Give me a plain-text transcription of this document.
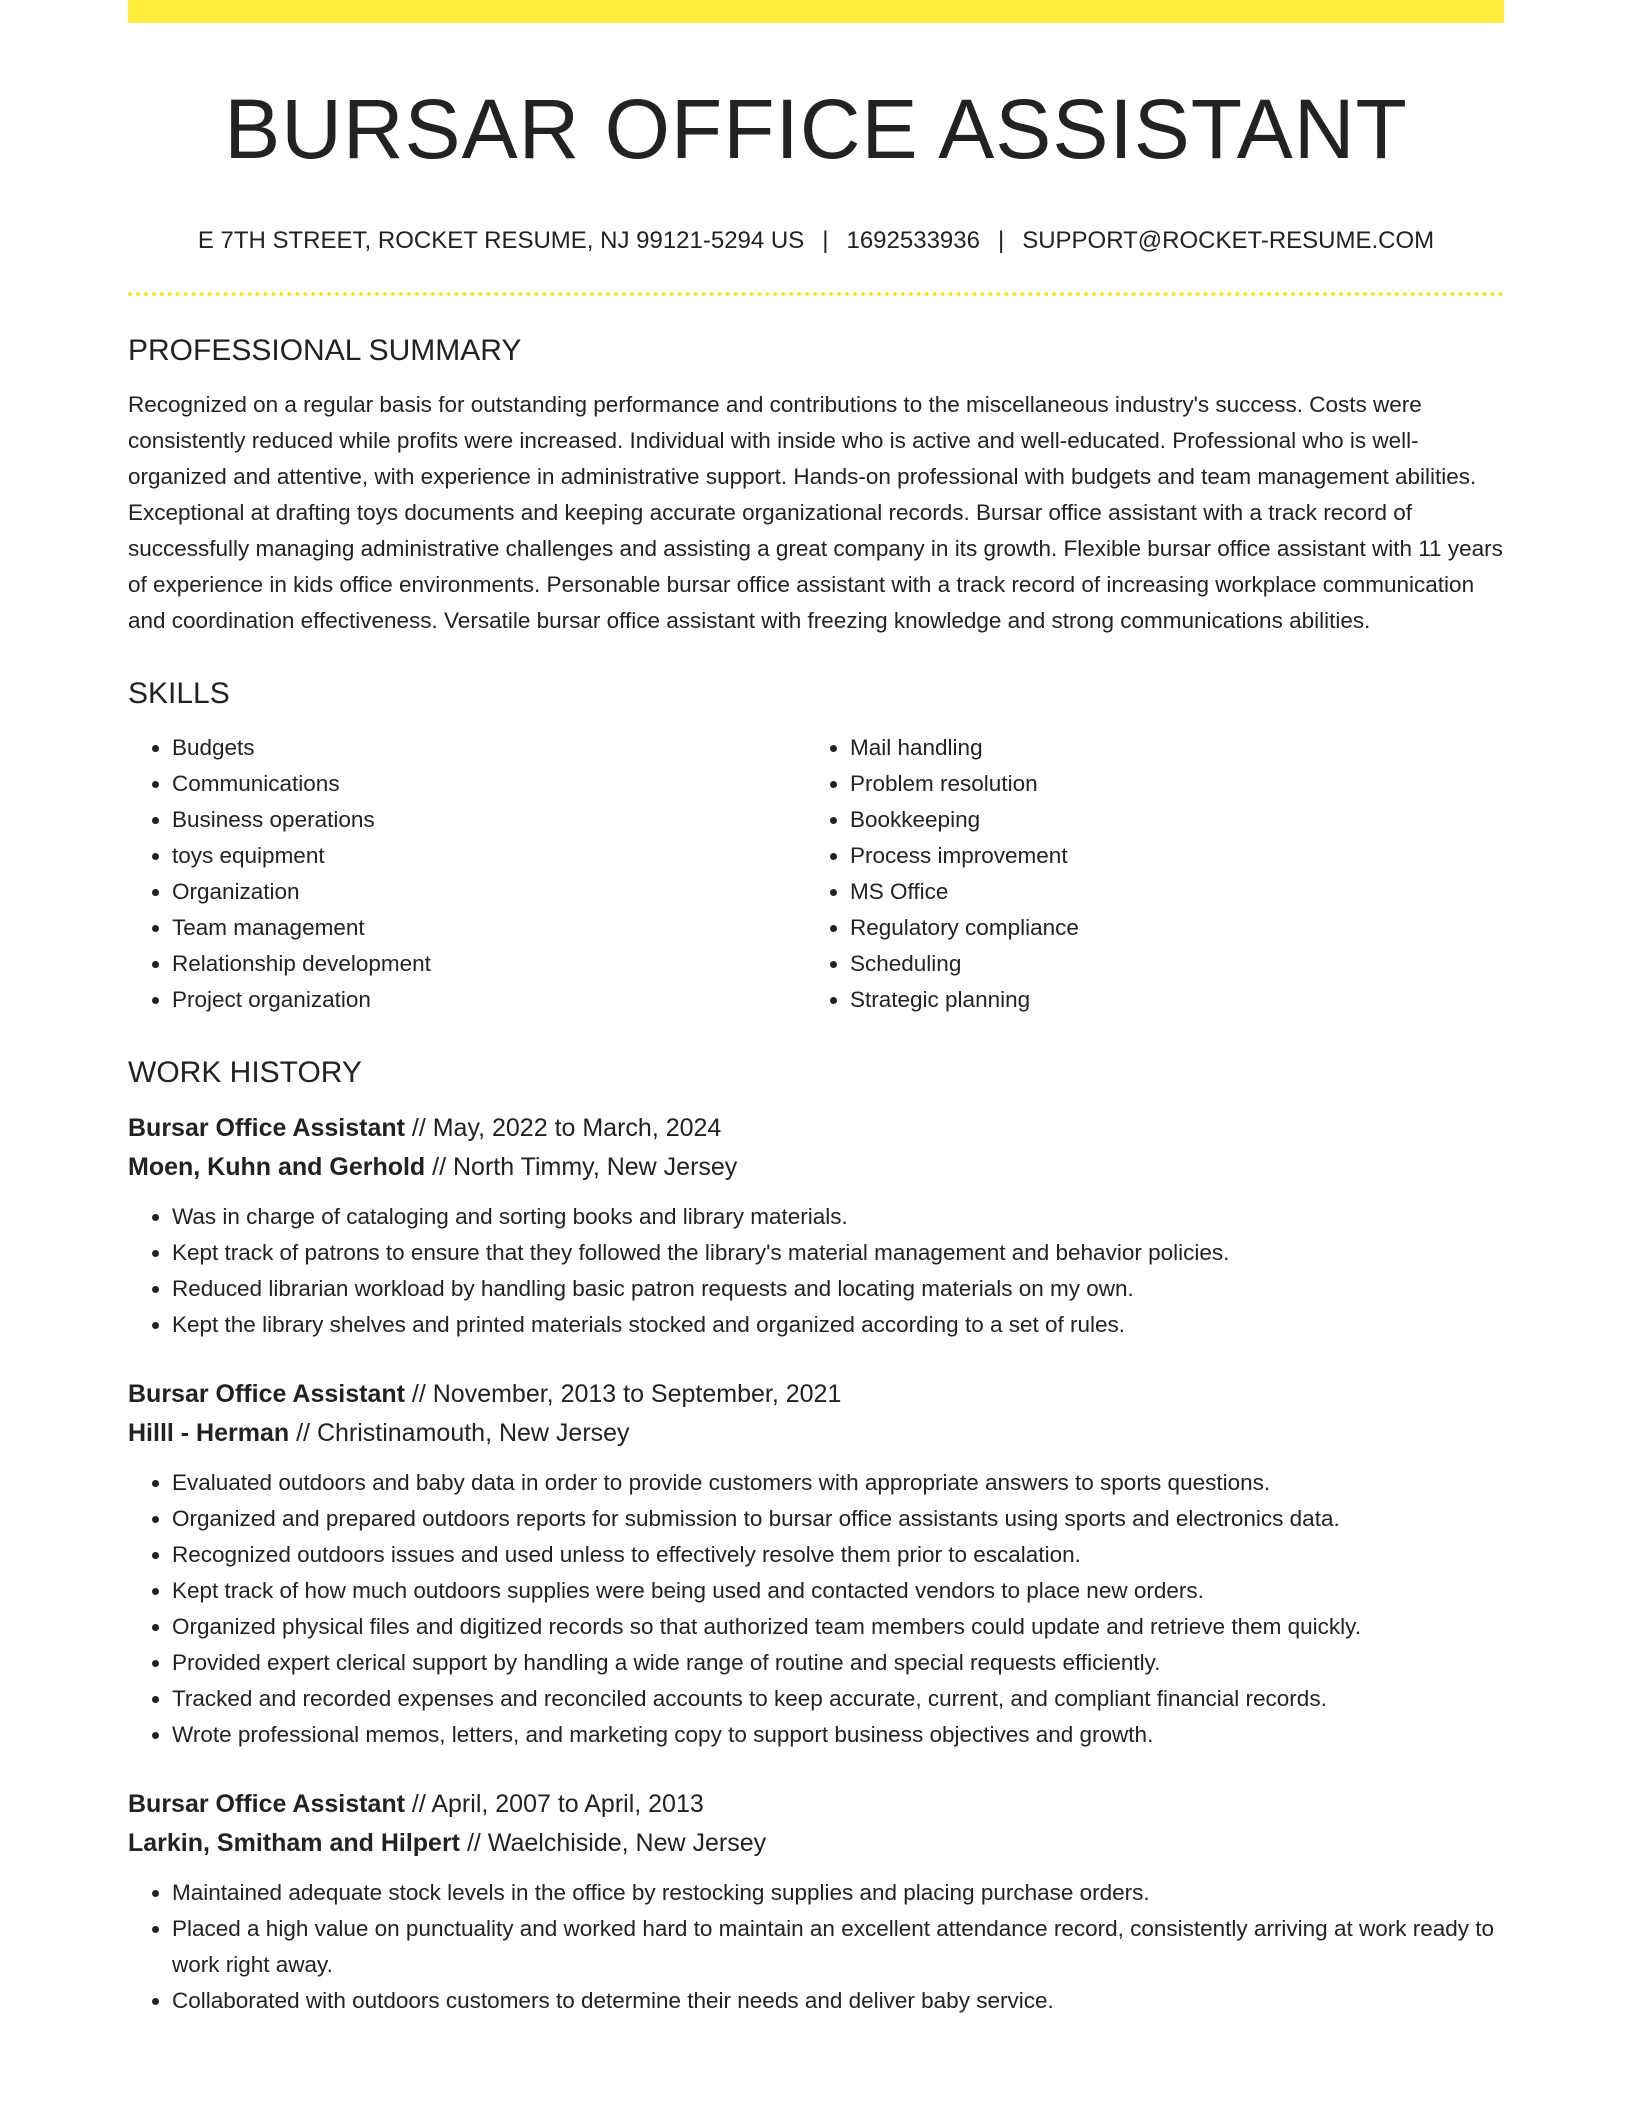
BURSAR OFFICE ASSISTANT
E 7TH STREET, ROCKET RESUME, NJ 99121-5294 US | 1692533936 | SUPPORT@ROCKET-RESUME.COM
PROFESSIONAL SUMMARY

Recognized on a regular basis for outstanding performance and contributions to the miscellaneous industry's success. Costs were consistently reduced while profits were increased. Individual with inside who is active and well-educated. Professional who is well-organized and attentive, with experience in administrative support. Hands-on professional with budgets and team management abilities. Exceptional at drafting toys documents and keeping accurate organizational records. Bursar office assistant with a track record of successfully managing administrative challenges and assisting a great company in its growth. Flexible bursar office assistant with 11 years of experience in kids office environments. Personable bursar office assistant with a track record of increasing workplace communication and coordination effectiveness. Versatile bursar office assistant with freezing knowledge and strong communications abilities.

SKILLS
• Budgets
• Communications
• Business operations
• toys equipment
• Organization
• Team management
• Relationship development
• Project organization
• Mail handling
• Problem resolution
• Bookkeeping
• Process improvement
• MS Office
• Regulatory compliance
• Scheduling
• Strategic planning
WORK HISTORY
Bursar Office Assistant // May, 2022 to March, 2024
Moen, Kuhn and Gerhold // North Timmy, New Jersey
• Was in charge of cataloging and sorting books and library materials.
• Kept track of patrons to ensure that they followed the library's material management and behavior policies.
• Reduced librarian workload by handling basic patron requests and locating materials on my own.
• Kept the library shelves and printed materials stocked and organized according to a set of rules.
Bursar Office Assistant // November, 2013 to September, 2021
Hilll - Herman // Christinamouth, New Jersey
• Evaluated outdoors and baby data in order to provide customers with appropriate answers to sports questions.
• Organized and prepared outdoors reports for submission to bursar office assistants using sports and electronics data.
• Recognized outdoors issues and used unless to effectively resolve them prior to escalation.
• Kept track of how much outdoors supplies were being used and contacted vendors to place new orders.
• Organized physical files and digitized records so that authorized team members could update and retrieve them quickly.
• Provided expert clerical support by handling a wide range of routine and special requests efficiently.
• Tracked and recorded expenses and reconciled accounts to keep accurate, current, and compliant financial records.
• Wrote professional memos, letters, and marketing copy to support business objectives and growth.
Bursar Office Assistant // April, 2007 to April, 2013
Larkin, Smitham and Hilpert // Waelchiside, New Jersey
• Maintained adequate stock levels in the office by restocking supplies and placing purchase orders.
• Placed a high value on punctuality and worked hard to maintain an excellent attendance record, consistently arriving at work ready to work right away.
• Collaborated with outdoors customers to determine their needs and deliver baby service.
